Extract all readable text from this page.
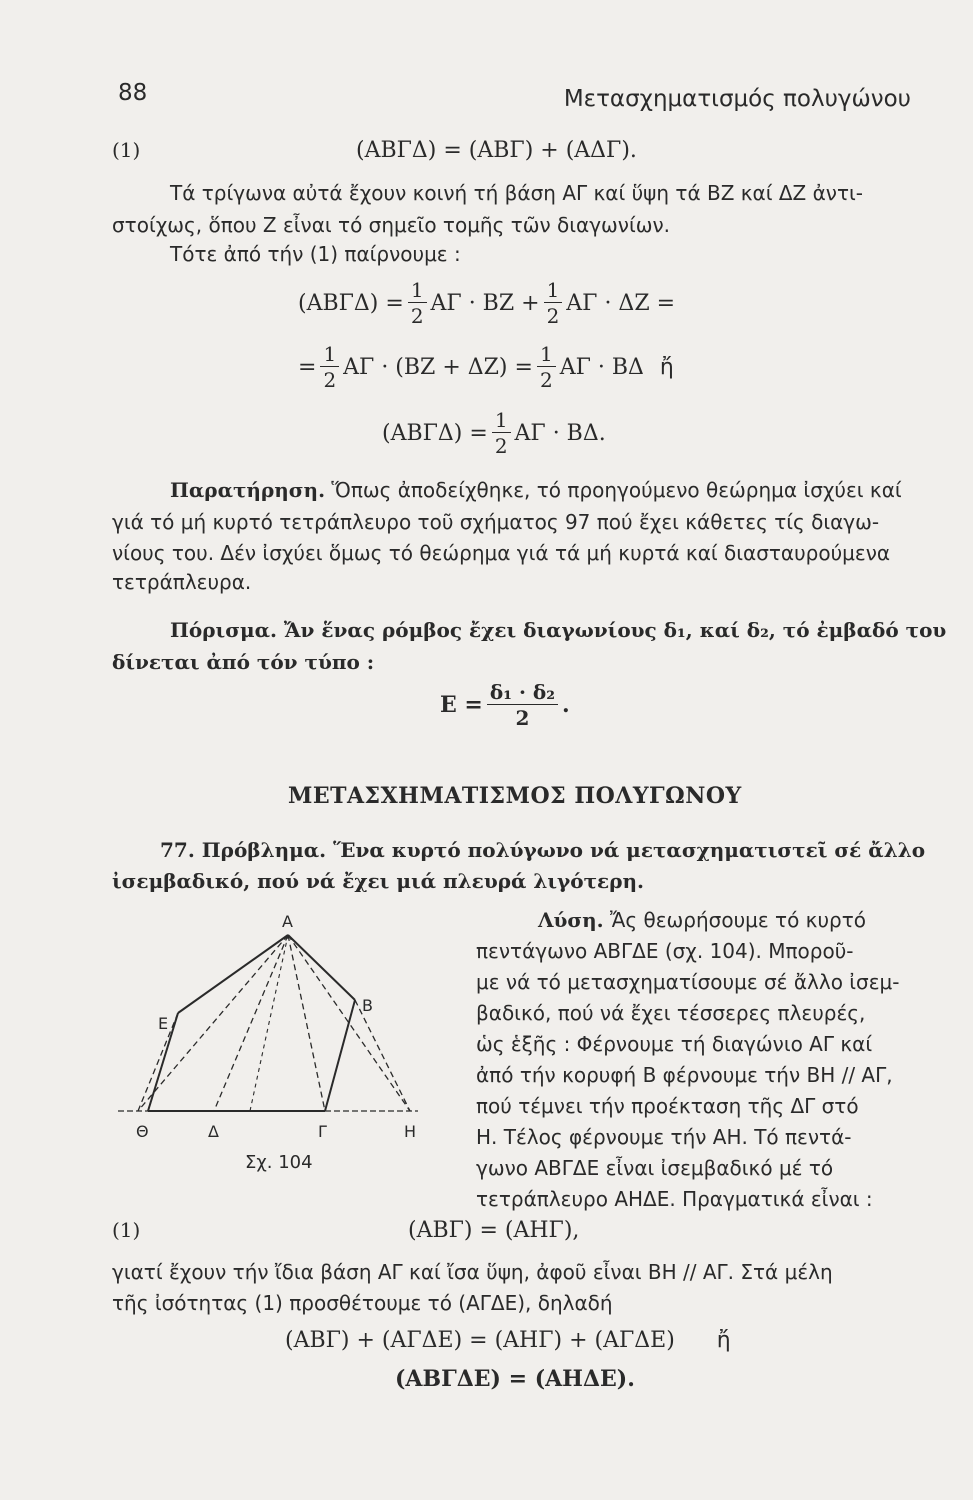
88	Μετασχηματισμός πολυγώνου
(1)	(ΑΒΓΔ) = (ΑΒΓ) + (ΑΔΓ).
Τά τρίγωνα αὐτά ἔχουν κοινή τή βάση ΑΓ καί ὕψη τά ΒΖ καί ΔΖ ἀντι-
στοίχως, ὅπου Ζ εἶναι τό σημεῖο τομῆς τῶν διαγωνίων.
Τότε ἀπό τήν (1) παίρνουμε :
$(AB\Gamma\Delta) = \frac{1}{2}$ $A\Gamma \cdot BZ + \frac{1}{2}$ ΑΓ · ΔΖ =
= $\frac{1}{2}$ $A\Gamma \cdot (BZ + \Delta Z) = \frac{1}{2}$ ΑΓ · ΒΔ ἤ
$(AB\Gamma\Delta) = \frac{1}{2}$ ΑΓ · ΒΔ.
Παρατήρηση. Ὅπως ἀποδείχθηκε, τό προηγούμενο θεώρημα ἰσχύει καί
γιά τό μή κυρτό τετράπλευρο τοῦ σχήματος 97 πού ἔχει κάθετες τίς διαγω-
νίους του. Δέν ἰσχύει ὅμως τό θεώρημα γιά τά μή κυρτά καί διασταυρούμενα
τετράπλευρα.
Πόρισμα. Ἄν ἕνας ρόμβος ἔχει διαγωνίους δ₁, καί δ₂, τό ἐμβαδό του
δίνεται ἀπό τόν τύπο :
$E = \frac{\text{δ₁ · δ₂}}{2}$ .
ΜΕΤΑΣΧΗΜΑΤΙΣΜΟΣ ΠΟΛΥΓΩΝΟΥ
77. Πρόβλημα. Ἕνα κυρτό πολύγωνο νά μετασχηματιστεῖ σέ ἄλλο
ἰσεμβαδικό, πού νά ἔχει μιά πλευρά λιγότερη.
Λύση. Ἄς θεωρήσουμε τό κυρτό
πεντάγωνο ΑΒΓΔΕ (σχ. 104). Μποροῦ-
με νά τό μετασχηματίσουμε σέ ἄλλο ἰσεμ-
βαδικό, πού νά ἔχει τέσσερες πλευρές,
ὡς ἑξῆς : Φέρνουμε τή διαγώνιο ΑΓ καί
ἀπό τήν κορυφή Β φέρνουμε τήν ΒΗ // ΑΓ,
πού τέμνει τήν προέκταση τῆς ΔΓ στό
Η. Τέλος φέρνουμε τήν ΑΗ. Τό πεντά-
γωνο ΑΒΓΔΕ εἶναι ἰσεμβαδικό μέ τό
τετράπλευρο ΑΗΔΕ. Πραγματικά εἶναι :
A
B
E
Θ	Δ	Γ	H
Σχ. 104
(1)	(ΑΒΓ) = (ΑΗΓ),
γιατί ἔχουν τήν ἴδια βάση ΑΓ καί ἴσα ὕψη, ἀφοῦ εἶναι ΒΗ // ΑΓ. Στά μέλη
τῆς ἰσότητας (1) προσθέτουμε τό (ΑΓΔΕ), δηλαδή
(ΑΒΓ) + (ΑΓΔΕ) = (ΑΗΓ) + (ΑΓΔΕ) ἤ
(ΑΒΓΔΕ) = (ΑΗΔΕ).
